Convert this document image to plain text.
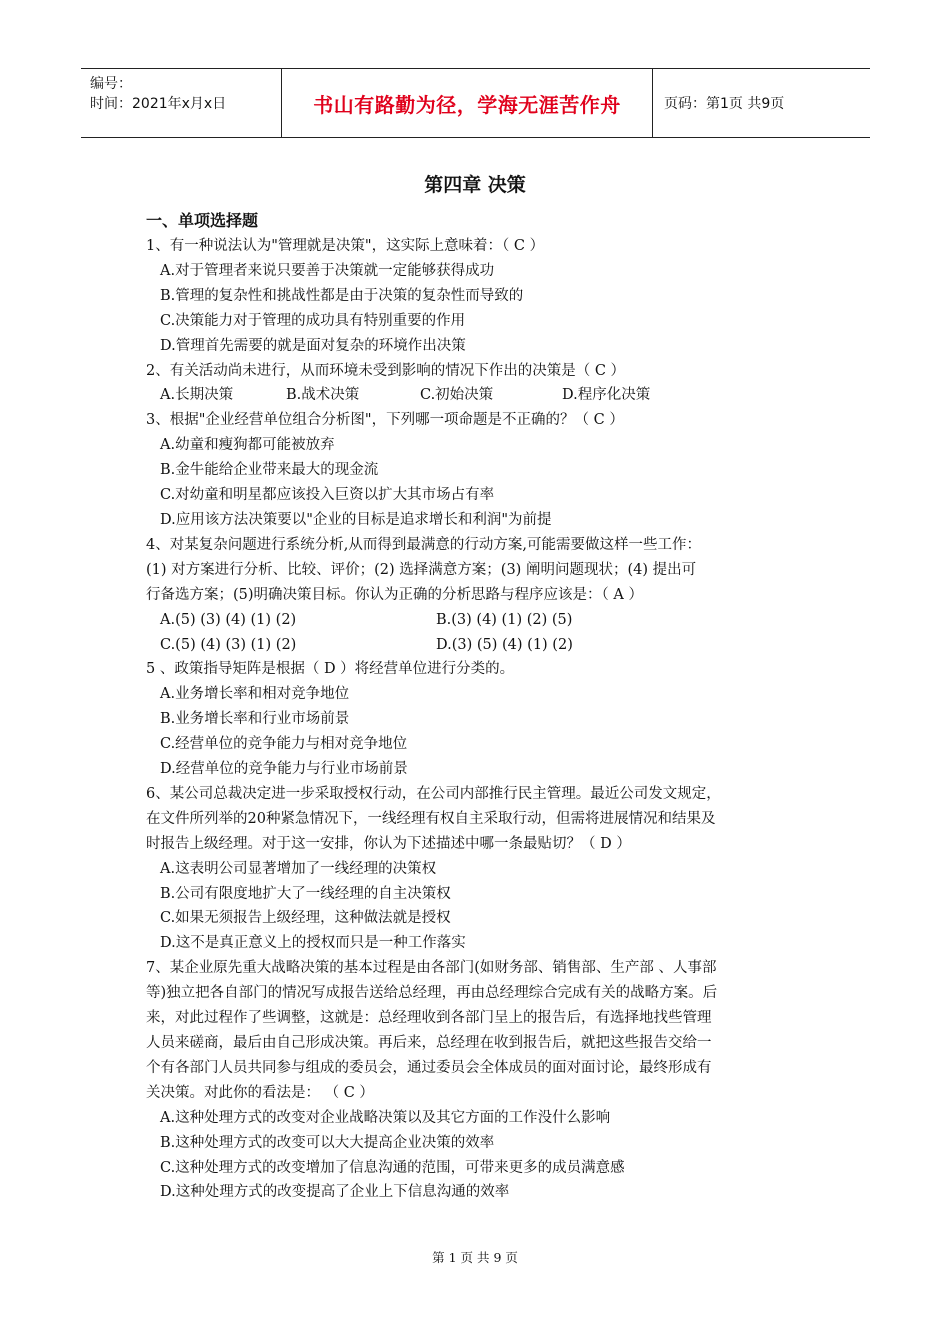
编号：
时间：2021年x月x日	书山有路勤为径，学海无涯苦作舟	页码：第1页 共9页
第四章 决策
一、单项选择题

1、有一种说法认为"管理就是决策"，这实际上意味着：（ C ）

A.对于管理者来说只要善于决策就一定能够获得成功

B.管理的复杂性和挑战性都是由于决策的复杂性而导致的

C.决策能力对于管理的成功具有特别重要的作用

D.管理首先需要的就是面对复杂的环境作出决策

2、有关活动尚未进行，从而环境未受到影响的情况下作出的决策是（ C ）

A.长期决策	B.战术决策	C.初始决策	D.程序化决策

3、根据"企业经营单位组合分析图"，下列哪一项命题是不正确的？（ C ）

A.幼童和瘦狗都可能被放弃

B.金牛能给企业带来最大的现金流

C.对幼童和明星都应该投入巨资以扩大其市场占有率

D.应用该方法决策要以"企业的目标是追求增长和利润"为前提

4、对某复杂问题进行系统分析,从而得到最满意的行动方案,可能需要做这样一些工作：

(1) 对方案进行分析、比较、评价；(2) 选择满意方案；(3) 阐明问题现状；(4) 提出可

行备选方案；(5)明确决策目标。你认为正确的分析思路与程序应该是：（ A ）

A.(5) (3) (4) (1) (2)	B.(3) (4) (1) (2) (5)
C.(5) (4) (3) (1) (2)	D.(3) (5) (4) (1) (2)

5 、政策指导矩阵是根据（ D ）将经营单位进行分类的。

A.业务增长率和相对竞争地位

B.业务增长率和行业市场前景

C.经营单位的竞争能力与相对竞争地位

D.经营单位的竞争能力与行业市场前景

6、某公司总裁决定进一步采取授权行动，在公司内部推行民主管理。最近公司发文规定，

在文件所列举的20种紧急情况下，一线经理有权自主采取行动，但需将进展情况和结果及

时报告上级经理。对于这一安排，你认为下述描述中哪一条最贴切？（ D ）

A.这表明公司显著增加了一线经理的决策权

B.公司有限度地扩大了一线经理的自主决策权

C.如果无须报告上级经理，这种做法就是授权

D.这不是真正意义上的授权而只是一种工作落实

7、某企业原先重大战略决策的基本过程是由各部门(如财务部、销售部、生产部 、人事部

等)独立把各自部门的情况写成报告送给总经理，再由总经理综合完成有关的战略方案。后

来，对此过程作了些调整，这就是：总经理收到各部门呈上的报告后，有选择地找些管理

人员来磋商，最后由自己形成决策。再后来，总经理在收到报告后，就把这些报告交给一

个有各部门人员共同参与组成的委员会，通过委员会全体成员的面对面讨论，最终形成有

关决策。对此你的看法是： （ C ）

A.这种处理方式的改变对企业战略决策以及其它方面的工作没什么影响

B.这种处理方式的改变可以大大提高企业决策的效率

C.这种处理方式的改变增加了信息沟通的范围，可带来更多的成员满意感

D.这种处理方式的改变提高了企业上下信息沟通的效率

第 1 页 共 9 页
